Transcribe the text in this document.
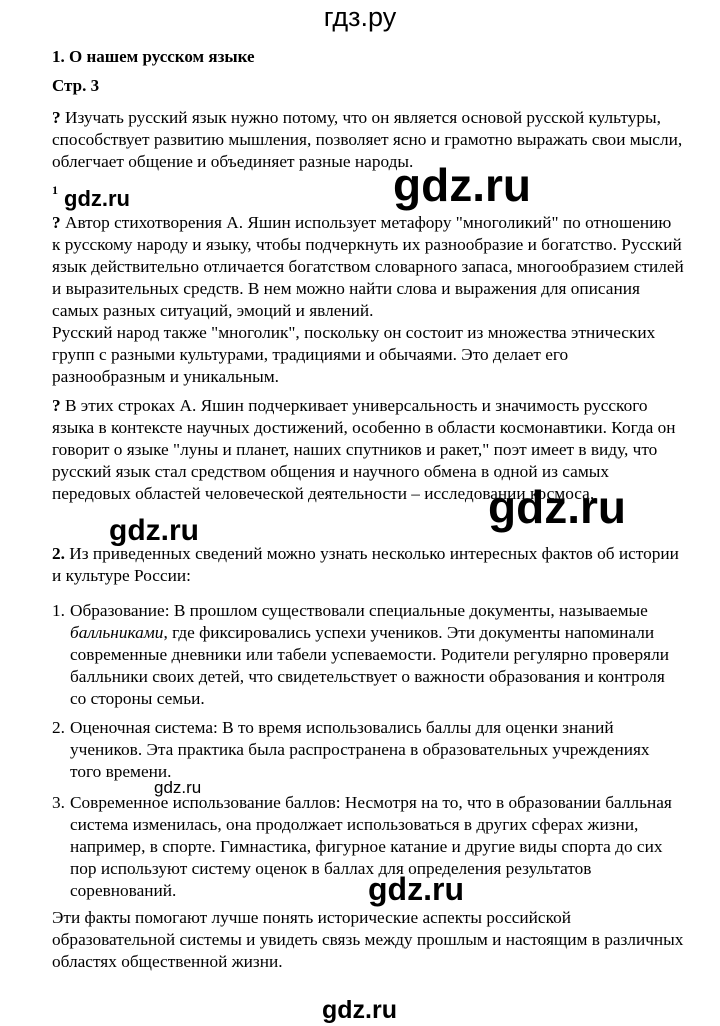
гдз.ру
1. О нашем русском языке
Стр. 3

? Изучать русский язык нужно потому, что он является основой русской культуры, способствует развитию мышления, позволяет ясно и грамотно выражать свои мысли, облегчает общение и объединяет разные народы.

$^1$

? Автор стихотворения А. Яшин использует метафору "многоликий" по отношению к русскому народу и языку, чтобы подчеркнуть их разнообразие и богатство. Русский язык действительно отличается богатством словарного запаса, многообразием стилей и выразительных средств. В нем можно найти слова и выражения для описания самых разных ситуаций, эмоций и явлений.

Русский народ также "многолик", поскольку он состоит из множества этнических групп с разными культурами, традициями и обычаями. Это делает его разнообразным и уникальным.

? В этих строках А. Яшин подчеркивает универсальность и значимость русского языка в контексте научных достижений, особенно в области космонавтики. Когда он говорит о языке "луны и планет, наших спутников и ракет," поэт имеет в виду, что русский язык стал средством общения и научного обмена в одной из самых передовых областей человеческой деятельности – исследовании космоса.

2. Из приведенных сведений можно узнать несколько интересных фактов об истории и культуре России:

1. Образование: В прошлом существовали специальные документы, называемые балльниками, где фиксировались успехи учеников. Эти документы напоминали современные дневники или табели успеваемости. Родители регулярно проверяли балльники своих детей, что свидетельствует о важности образования и контроля со стороны семьи.
2. Оценочная система: В то время использовались баллы для оценки знаний учеников. Эта практика была распространена в образовательных учреждениях того времени.
3. Современное использование баллов: Несмотря на то, что в образовании балльная система изменилась, она продолжает использоваться в других сферах жизни, например, в спорте. Гимнастика, фигурное катание и другие виды спорта до сих пор используют систему оценок в баллах для определения результатов соревнований.

Эти факты помогают лучше понять исторические аспекты российской образовательной системы и увидеть связь между прошлым и настоящим в различных областях общественной жизни.

gdz.ru
gdz.ru
gdz.ru
gdz.ru
gdz.ru
gdz.ru
gdz.ru
